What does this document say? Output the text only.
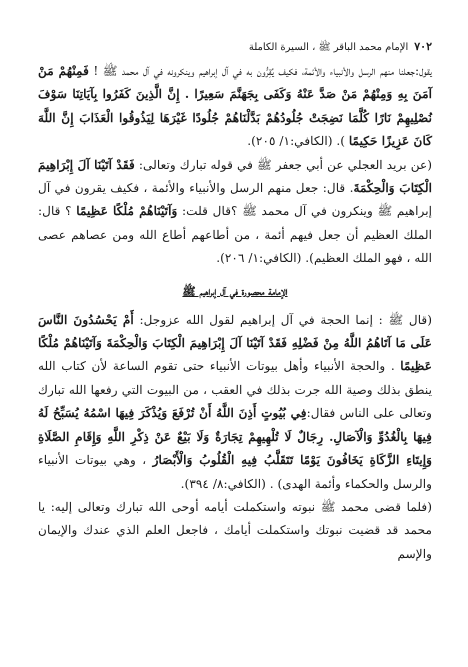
٧٠٢
الإمام محمد الباقر ﷺ ، السيرة الكاملة

يقول:جعلنا منهم الرسل والأنبياء والأئمة، فكيف يُقِرُّون به في آل إبراهيم وينكرونه في آل محمد ﷺ ! فَمِنْهُمْ مَنْ آمَنَ بِهِ وَمِنْهُمْ مَنْ صَدَّ عَنْهُ وَكَفَى بِجَهَنَّمَ سَعِيرًا . إِنَّ الَّذِينَ كَفَرُوا بِآيَاتِنَا سَوْفَ نُصْلِيهِمْ نَارًا كُلَّمَا نَضِجَتْ جُلُودُهُمْ بَدَّلْنَاهُمْ جُلُودًا غَيْرَهَا لِيَذُوقُوا الْعَذَابَ إِنَّ اللَّهَ كَانَ عَزِيزًا حَكِيمًا ). (الكافي:١/ ٢٠٥).

(عن بريد العجلي عن أبي جعفر ﷺ في قوله تبارك وتعالى: فَقَدْ آتَيْنَا آلَ إِبْرَاهِيمَ الْكِتَابَ وَالْحِكْمَةَ. قال: جعل منهم الرسل والأنبياء والأئمة ، فكيف يقرون في آل إبراهيم ﷺ وينكرون في آل محمد ﷺ ؟قال قلت: وَآتَيْنَاهُمْ مُلْكًا عَظِيمًا ؟ قال: الملك العظيم أن جعل فيهم أئمة ، من أطاعهم أطاع الله ومن عصاهم عصى الله ، فهو الملك العظيم). (الكافي:١/ ٢٠٦).

الإمامة محصورة في آل إبراهيم ﷺ

(قال ﷺ : إنما الحجة في آل إبراهيم لقول الله عزوجل: أَمْ يَحْسُدُونَ النَّاسَ عَلَى مَا آتَاهُمُ اللَّهُ مِنْ فَضْلِهِ فَقَدْ آتَيْنَا آلَ إِبْرَاهِيمَ الْكِتَابَ وَالْحِكْمَةَ وَآتَيْنَاهُمْ مُلْكًا عَظِيمًا . والحجة الأنبياء وأهل بيوتات الأنبياء حتى تقوم الساعة لأن كتاب الله ينطق بذلك وصية الله جرت بذلك في العقب ، من البيوت التي رفعها الله تبارك وتعالى على الناس فقال:فِي بُيُوتٍ أَذِنَ اللَّهُ أَنْ تُرْفَعَ وَيُذْكَرَ فِيهَا اسْمُهُ يُسَبِّحُ لَهُ فِيهَا بِالْغُدُوِّ وَالْآصَالِ. رِجَالٌ لَا تُلْهِيهِمْ تِجَارَةٌ وَلَا بَيْعٌ عَنْ ذِكْرِ اللَّهِ وَإِقَامِ الصَّلَاةِ وَإِيتَاءِ الزَّكَاةِ يَخَافُونَ يَوْمًا تَتَقَلَّبُ فِيهِ الْقُلُوبُ وَالْأَبْصَارُ ، وهي بيوتات الأنبياء والرسل والحكماء وأئمة الهدى) . (الكافي:٨/ ٣٩٤).

(فلما قضى محمد ﷺ نبوته واستكملت أيامه أوحى الله تبارك وتعالى إليه: يا محمد قد قضيت نبوتك واستكملت أيامك ، فاجعل العلم الذي عندك والإيمان والإسم
